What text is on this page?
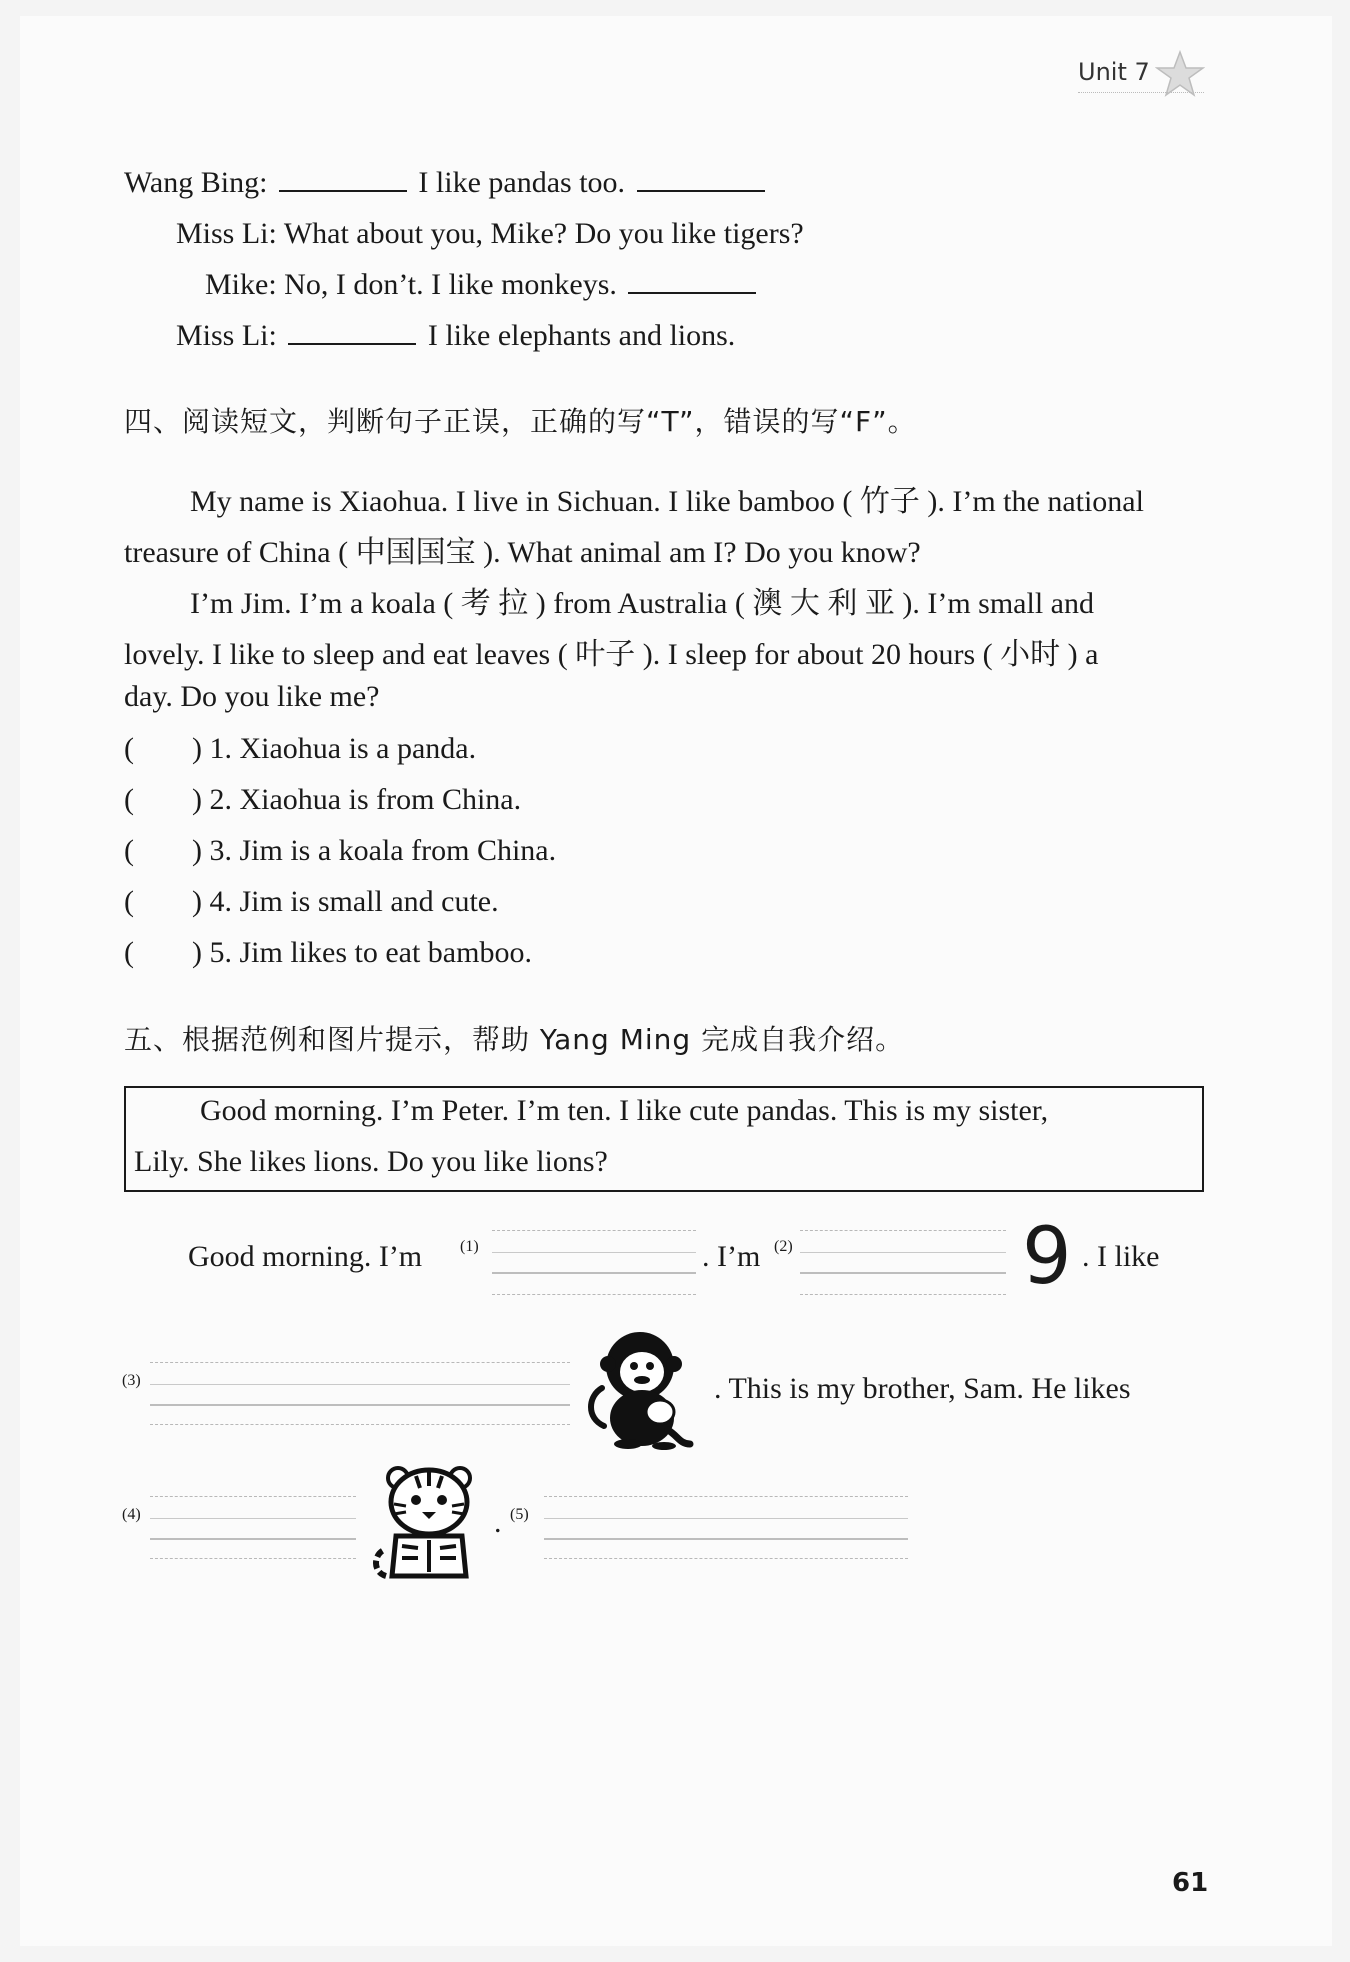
Unit 7
Wang Bing:	I like pandas too.
Miss Li: What about you, Mike? Do you like tigers?
Mike: No, I don’t. I like monkeys.
Miss Li:	I like elephants and lions.
四、阅读短文，判断句子正误，正确的写“T”，错误的写“F”。
My name is Xiaohua. I live in Sichuan. I like bamboo ( 竹子 ). I’m the national
treasure of China ( 中国国宝 ). What animal am I? Do you know?
I’m Jim. I’m a koala ( 考 拉 ) from Australia ( 澳 大 利 亚 ). I’m small and
lovely. I like to sleep and eat leaves ( 叶子 ). I sleep for about 20 hours ( 小时 ) a
day. Do you like me?
( ) 1. Xiaohua is a panda.
( ) 2. Xiaohua is from China.
( ) 3. Jim is a koala from China.
( ) 4. Jim is small and cute.
( ) 5. Jim likes to eat bamboo.
五、根据范例和图片提示，帮助 Yang Ming 完成自我介绍。
Good morning. I’m Peter. I’m ten. I like cute pandas. This is my sister,
Lily. She likes lions. Do you like lions?
Good morning. I’m (1)	. I’m (2)	9 . I like
(3)	. This is my brother, Sam. He likes
(4)	. (5)
61
